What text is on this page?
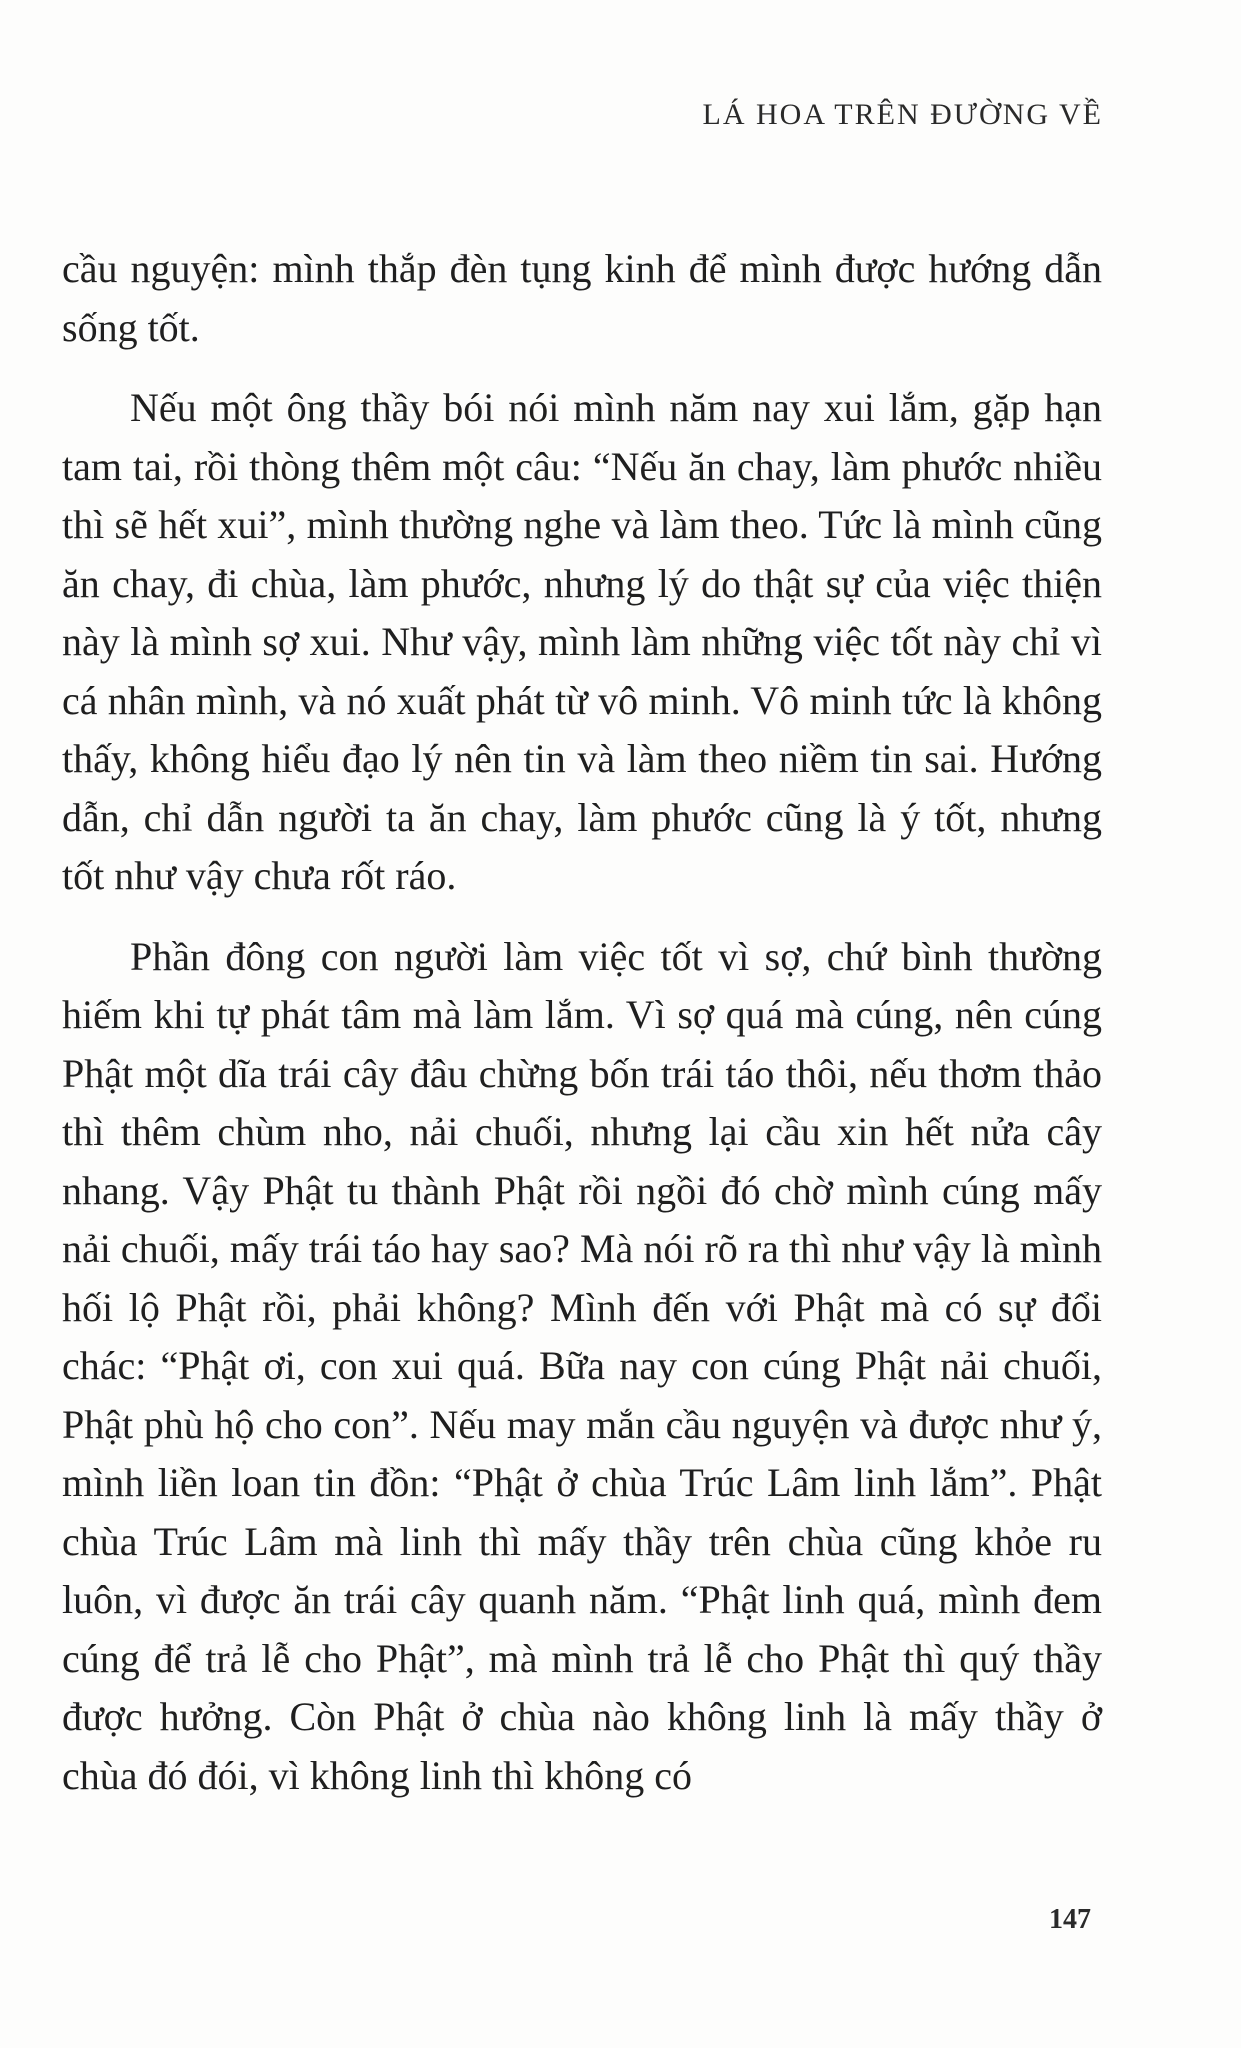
LÁ HOA TRÊN ĐƯỜNG VỀ

cầu nguyện: mình thắp đèn tụng kinh để mình được hướng dẫn sống tốt.

Nếu một ông thầy bói nói mình năm nay xui lắm, gặp hạn tam tai, rồi thòng thêm một câu: “Nếu ăn chay, làm phước nhiều thì sẽ hết xui”, mình thường nghe và làm theo. Tức là mình cũng ăn chay, đi chùa, làm phước, nhưng lý do thật sự của việc thiện này là mình sợ xui. Như vậy, mình làm những việc tốt này chỉ vì cá nhân mình, và nó xuất phát từ vô minh. Vô minh tức là không thấy, không hiểu đạo lý nên tin và làm theo niềm tin sai. Hướng dẫn, chỉ dẫn người ta ăn chay, làm phước cũng là ý tốt, nhưng tốt như vậy chưa rốt ráo.

Phần đông con người làm việc tốt vì sợ, chứ bình thường hiếm khi tự phát tâm mà làm lắm. Vì sợ quá mà cúng, nên cúng Phật một dĩa trái cây đâu chừng bốn trái táo thôi, nếu thơm thảo thì thêm chùm nho, nải chuối, nhưng lại cầu xin hết nửa cây nhang. Vậy Phật tu thành Phật rồi ngồi đó chờ mình cúng mấy nải chuối, mấy trái táo hay sao? Mà nói rõ ra thì như vậy là mình hối lộ Phật rồi, phải không? Mình đến với Phật mà có sự đổi chác: “Phật ơi, con xui quá. Bữa nay con cúng Phật nải chuối, Phật phù hộ cho con”. Nếu may mắn cầu nguyện và được như ý, mình liền loan tin đồn: “Phật ở chùa Trúc Lâm linh lắm”. Phật chùa Trúc Lâm mà linh thì mấy thầy trên chùa cũng khỏe ru luôn, vì được ăn trái cây quanh năm. “Phật linh quá, mình đem cúng để trả lễ cho Phật”, mà mình trả lễ cho Phật thì quý thầy được hưởng. Còn Phật ở chùa nào không linh là mấy thầy ở chùa đó đói, vì không linh thì không có

147
